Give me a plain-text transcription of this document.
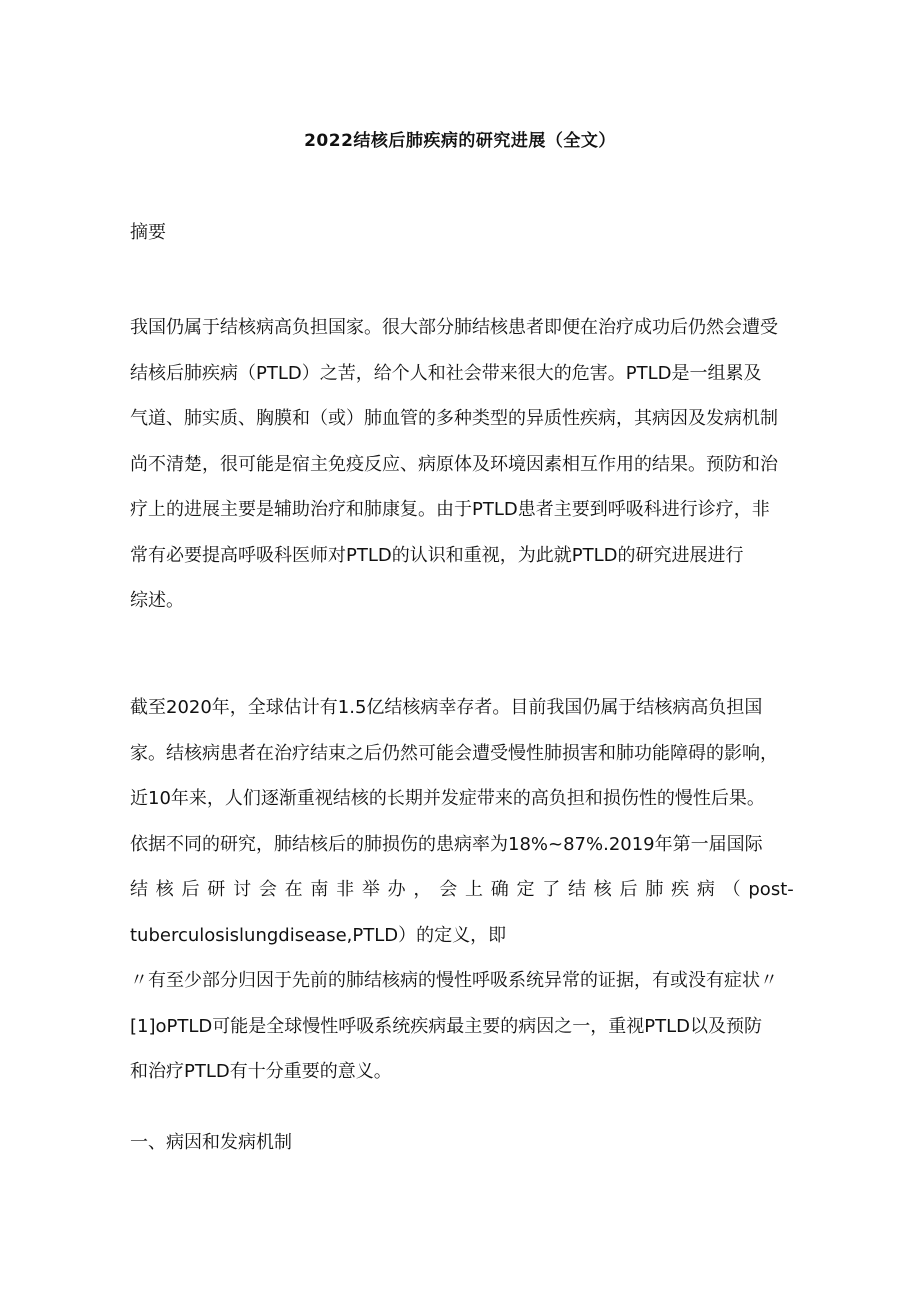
2022结核后肺疾病的研究进展（全文）
摘要
我国仍属于结核病高负担国家。很大部分肺结核患者即便在治疗成功后仍然会遭受
结核后肺疾病（PTLD）之苦，给个人和社会带来很大的危害。PTLD是一组累及
气道、肺实质、胸膜和（或）肺血管的多种类型的异质性疾病，其病因及发病机制
尚不清楚，很可能是宿主免疫反应、病原体及环境因素相互作用的结果。预防和治
疗上的进展主要是辅助治疗和肺康复。由于PTLD患者主要到呼吸科进行诊疗，非
常有必要提高呼吸科医师对PTLD的认识和重视，为此就PTLD的研究进展进行
综述。
截至2020年，全球估计有1.5亿结核病幸存者。目前我国仍属于结核病高负担国
家。结核病患者在治疗结束之后仍然可能会遭受慢性肺损害和肺功能障碍的影响，
近10年来，人们逐渐重视结核的长期并发症带来的高负担和损伤性的慢性后果。
依据不同的研究，肺结核后的肺损伤的患病率为18%~87%.2019年第一届国际
结 核 后 研 讨 会 在 南 非 举 办 ， 会 上 确 定 了 结 核 后 肺 疾 病 （ post-
tuberculosislungdisease,PTLD）的定义，即
〃有至少部分归因于先前的肺结核病的慢性呼吸系统异常的证据，有或没有症状〃
[1]oPTLD可能是全球慢性呼吸系统疾病最主要的病因之一，重视PTLD以及预防
和治疗PTLD有十分重要的意义。
一、病因和发病机制
